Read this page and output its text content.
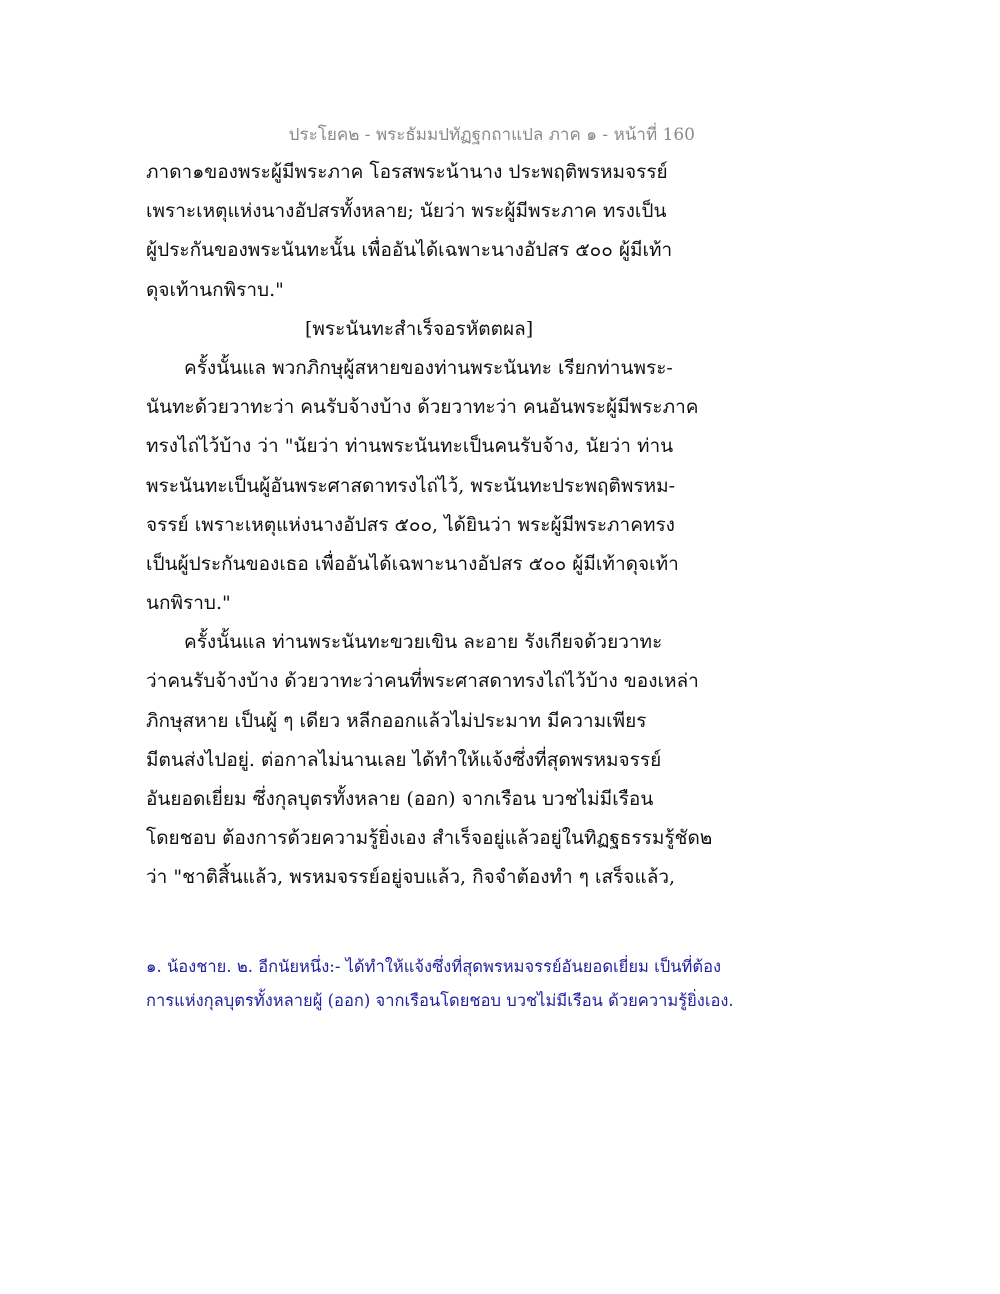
ประโยค๒ - พระธัมมปทัฏฐกถาแปล ภาค ๑ - หน้าที่ 160
ภาดา๑ของพระผู้มีพระภาค โอรสพระน้านาง ประพฤติพรหมจรรย์
เพราะเหตุแห่งนางอัปสรทั้งหลาย; นัยว่า พระผู้มีพระภาค ทรงเป็น
ผู้ประกันของพระนันทะนั้น เพื่ออันได้เฉพาะนางอัปสร ๕๐๐ ผู้มีเท้า
ดุจเท้านกพิราบ."
[พระนันทะสำเร็จอรหัตตผล]
ครั้งนั้นแล พวกภิกษุผู้สหายของท่านพระนันทะ เรียกท่านพระ-
นันทะด้วยวาทะว่า คนรับจ้างบ้าง ด้วยวาทะว่า คนอันพระผู้มีพระภาค
ทรงไถ่ไว้บ้าง ว่า "นัยว่า ท่านพระนันทะเป็นคนรับจ้าง, นัยว่า ท่าน
พระนันทะเป็นผู้อันพระศาสดาทรงไถ่ไว้, พระนันทะประพฤติพรหม-
จรรย์ เพราะเหตุแห่งนางอัปสร ๕๐๐, ได้ยินว่า พระผู้มีพระภาคทรง
เป็นผู้ประกันของเธอ เพื่ออันได้เฉพาะนางอัปสร ๕๐๐ ผู้มีเท้าดุจเท้า
นกพิราบ."
ครั้งนั้นแล ท่านพระนันทะขวยเขิน ละอาย รังเกียจด้วยวาทะ
ว่าคนรับจ้างบ้าง ด้วยวาทะว่าคนที่พระศาสดาทรงไถ่ไว้บ้าง ของเหล่า
ภิกษุสหาย เป็นผู้ ๆ เดียว หลีกออกแล้วไม่ประมาท มีความเพียร
มีตนส่งไปอยู่. ต่อกาลไม่นานเลย ได้ทำให้แจ้งซึ่งที่สุดพรหมจรรย์
อันยอดเยี่ยม ซึ่งกุลบุตรทั้งหลาย (ออก) จากเรือน บวชไม่มีเรือน
โดยชอบ ต้องการด้วยความรู้ยิ่งเอง สำเร็จอยู่แล้วอยู่ในทิฏฐธรรมรู้ชัด๒
ว่า "ชาติสิ้นแล้ว, พรหมจรรย์อยู่จบแล้ว, กิจจำต้องทำ ๆ เสร็จแล้ว,
๑. น้องชาย. ๒. อีกนัยหนึ่ง:- ได้ทำให้แจ้งซึ่งที่สุดพรหมจรรย์อันยอดเยี่ยม เป็นที่ต้อง
การแห่งกุลบุตรทั้งหลายผู้ (ออก) จากเรือนโดยชอบ บวชไม่มีเรือน ด้วยความรู้ยิ่งเอง.
